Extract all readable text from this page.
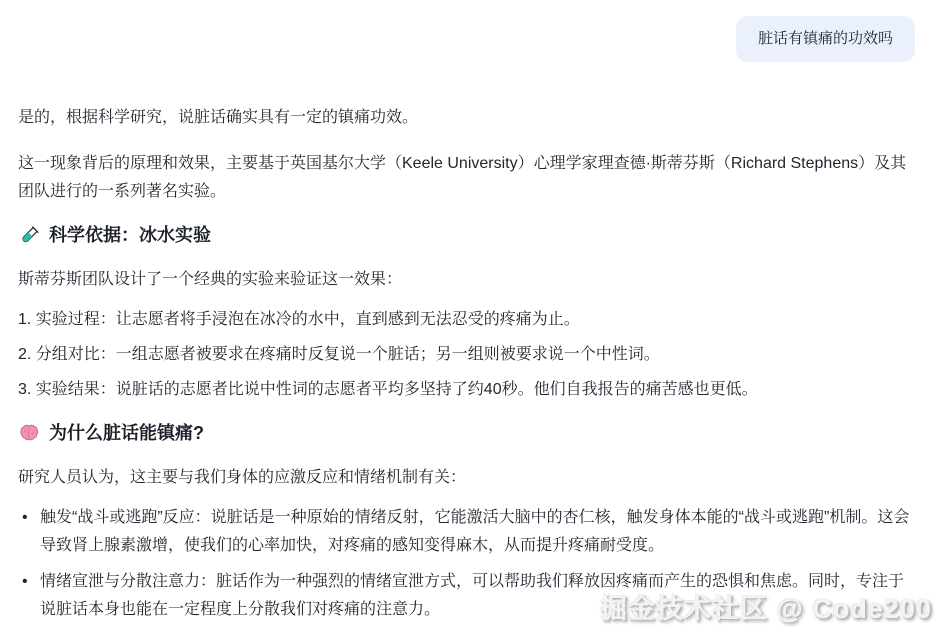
脏话有镇痛的功效吗

是的，根据科学研究，说脏话确实具有一定的镇痛功效。

这一现象背后的原理和效果，主要基于英国基尔大学（Keele University）心理学家理查德·斯蒂芬斯（Richard Stephens）及其团队进行的一系列著名实验。

科学依据：冰水实验

斯蒂芬斯团队设计了一个经典的实验来验证这一效果：

1. 实验过程：让志愿者将手浸泡在冰冷的水中，直到感到无法忍受的疼痛为止。

2. 分组对比：一组志愿者被要求在疼痛时反复说一个脏话；另一组则被要求说一个中性词。

3. 实验结果：说脏话的志愿者比说中性词的志愿者平均多坚持了约40秒。他们自我报告的痛苦感也更低。

为什么脏话能镇痛?

研究人员认为，这主要与我们身体的应激反应和情绪机制有关：

• 触发“战斗或逃跑”反应：说脏话是一种原始的情绪反射，它能激活大脑中的杏仁核，触发身体本能的“战斗或逃跑”机制。这会导致肾上腺素激增，使我们的心率加快，对疼痛的感知变得麻木，从而提升疼痛耐受度。
• 情绪宣泄与分散注意力：脏话作为一种强烈的情绪宣泄方式，可以帮助我们释放因疼痛而产生的恐惧和焦虑。同时，专注于说脏话本身也能在一定程度上分散我们对疼痛的注意力。	掘金技术社区 @ Code200
